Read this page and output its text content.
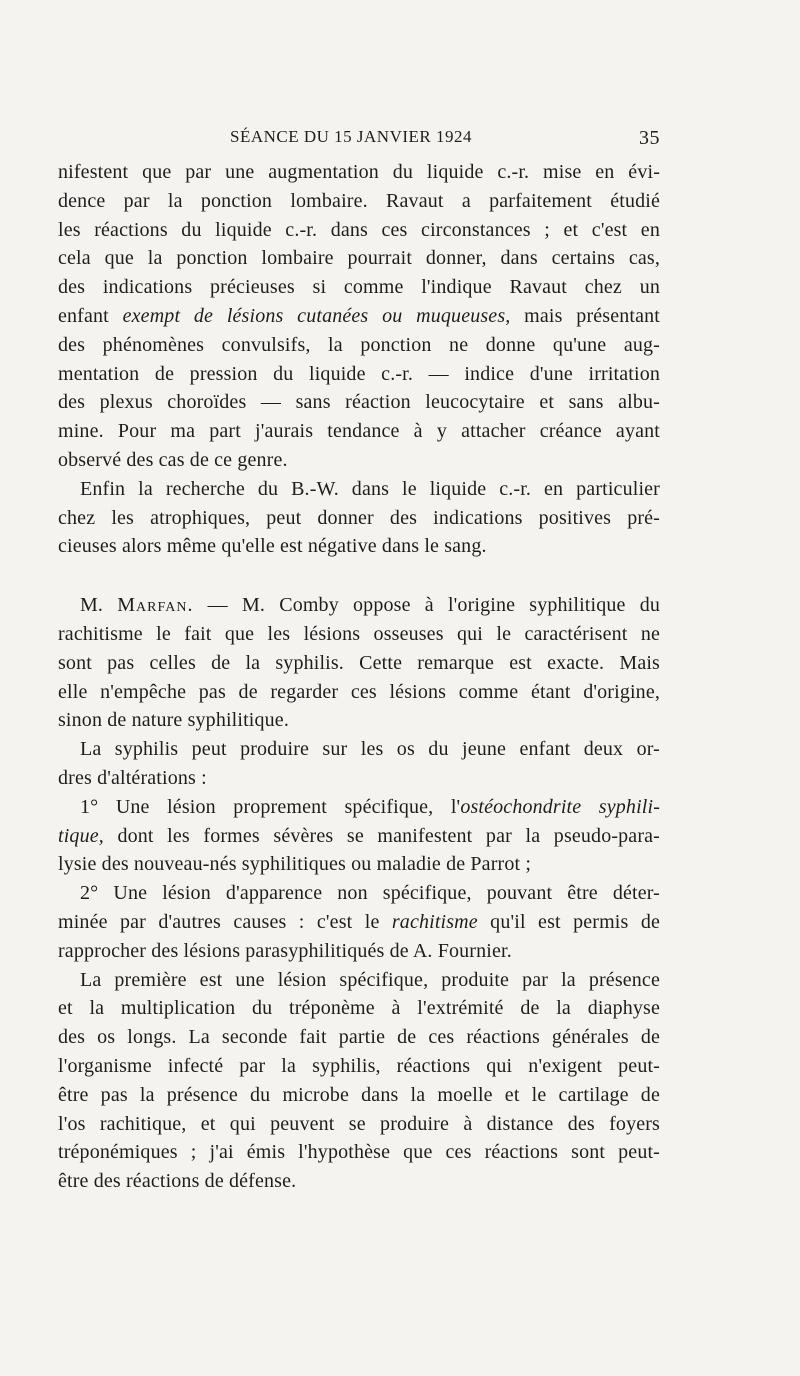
SÉANCE DU 15 JANVIER 1924	35
nifestent que par une augmentation du liquide c.-r. mise en évi-
dence par la ponction lombaire. Ravaut a parfaitement étudié
les réactions du liquide c.-r. dans ces circonstances ; et c'est en
cela que la ponction lombaire pourrait donner, dans certains cas,
des indications précieuses si comme l'indique Ravaut chez un
enfant exempt de lésions cutanées ou muqueuses, mais présentant
des phénomènes convulsifs, la ponction ne donne qu'une aug-
mentation de pression du liquide c.-r. — indice d'une irritation
des plexus choroïdes — sans réaction leucocytaire et sans albu-
mine. Pour ma part j'aurais tendance à y attacher créance ayant
observé des cas de ce genre.
Enfin la recherche du B.-W. dans le liquide c.-r. en particulier
chez les atrophiques, peut donner des indications positives pré-
cieuses alors même qu'elle est négative dans le sang.
M. Marfan. — M. Comby oppose à l'origine syphilitique du
rachitisme le fait que les lésions osseuses qui le caractérisent ne
sont pas celles de la syphilis. Cette remarque est exacte. Mais
elle n'empêche pas de regarder ces lésions comme étant d'origine,
sinon de nature syphilitique.
La syphilis peut produire sur les os du jeune enfant deux or-
dres d'altérations :
1° Une lésion proprement spécifique, l'ostéochondrite syphili-
tique, dont les formes sévères se manifestent par la pseudo-para-
lysie des nouveau-nés syphilitiques ou maladie de Parrot ;
2° Une lésion d'apparence non spécifique, pouvant être déter-
minée par d'autres causes : c'est le rachitisme qu'il est permis de
rapprocher des lésions parasyphilitiqués de A. Fournier.
La première est une lésion spécifique, produite par la présence
et la multiplication du tréponème à l'extrémité de la diaphyse
des os longs. La seconde fait partie de ces réactions générales de
l'organisme infecté par la syphilis, réactions qui n'exigent peut-
être pas la présence du microbe dans la moelle et le cartilage de
l'os rachitique, et qui peuvent se produire à distance des foyers
tréponémiques ; j'ai émis l'hypothèse que ces réactions sont peut-
être des réactions de défense.
